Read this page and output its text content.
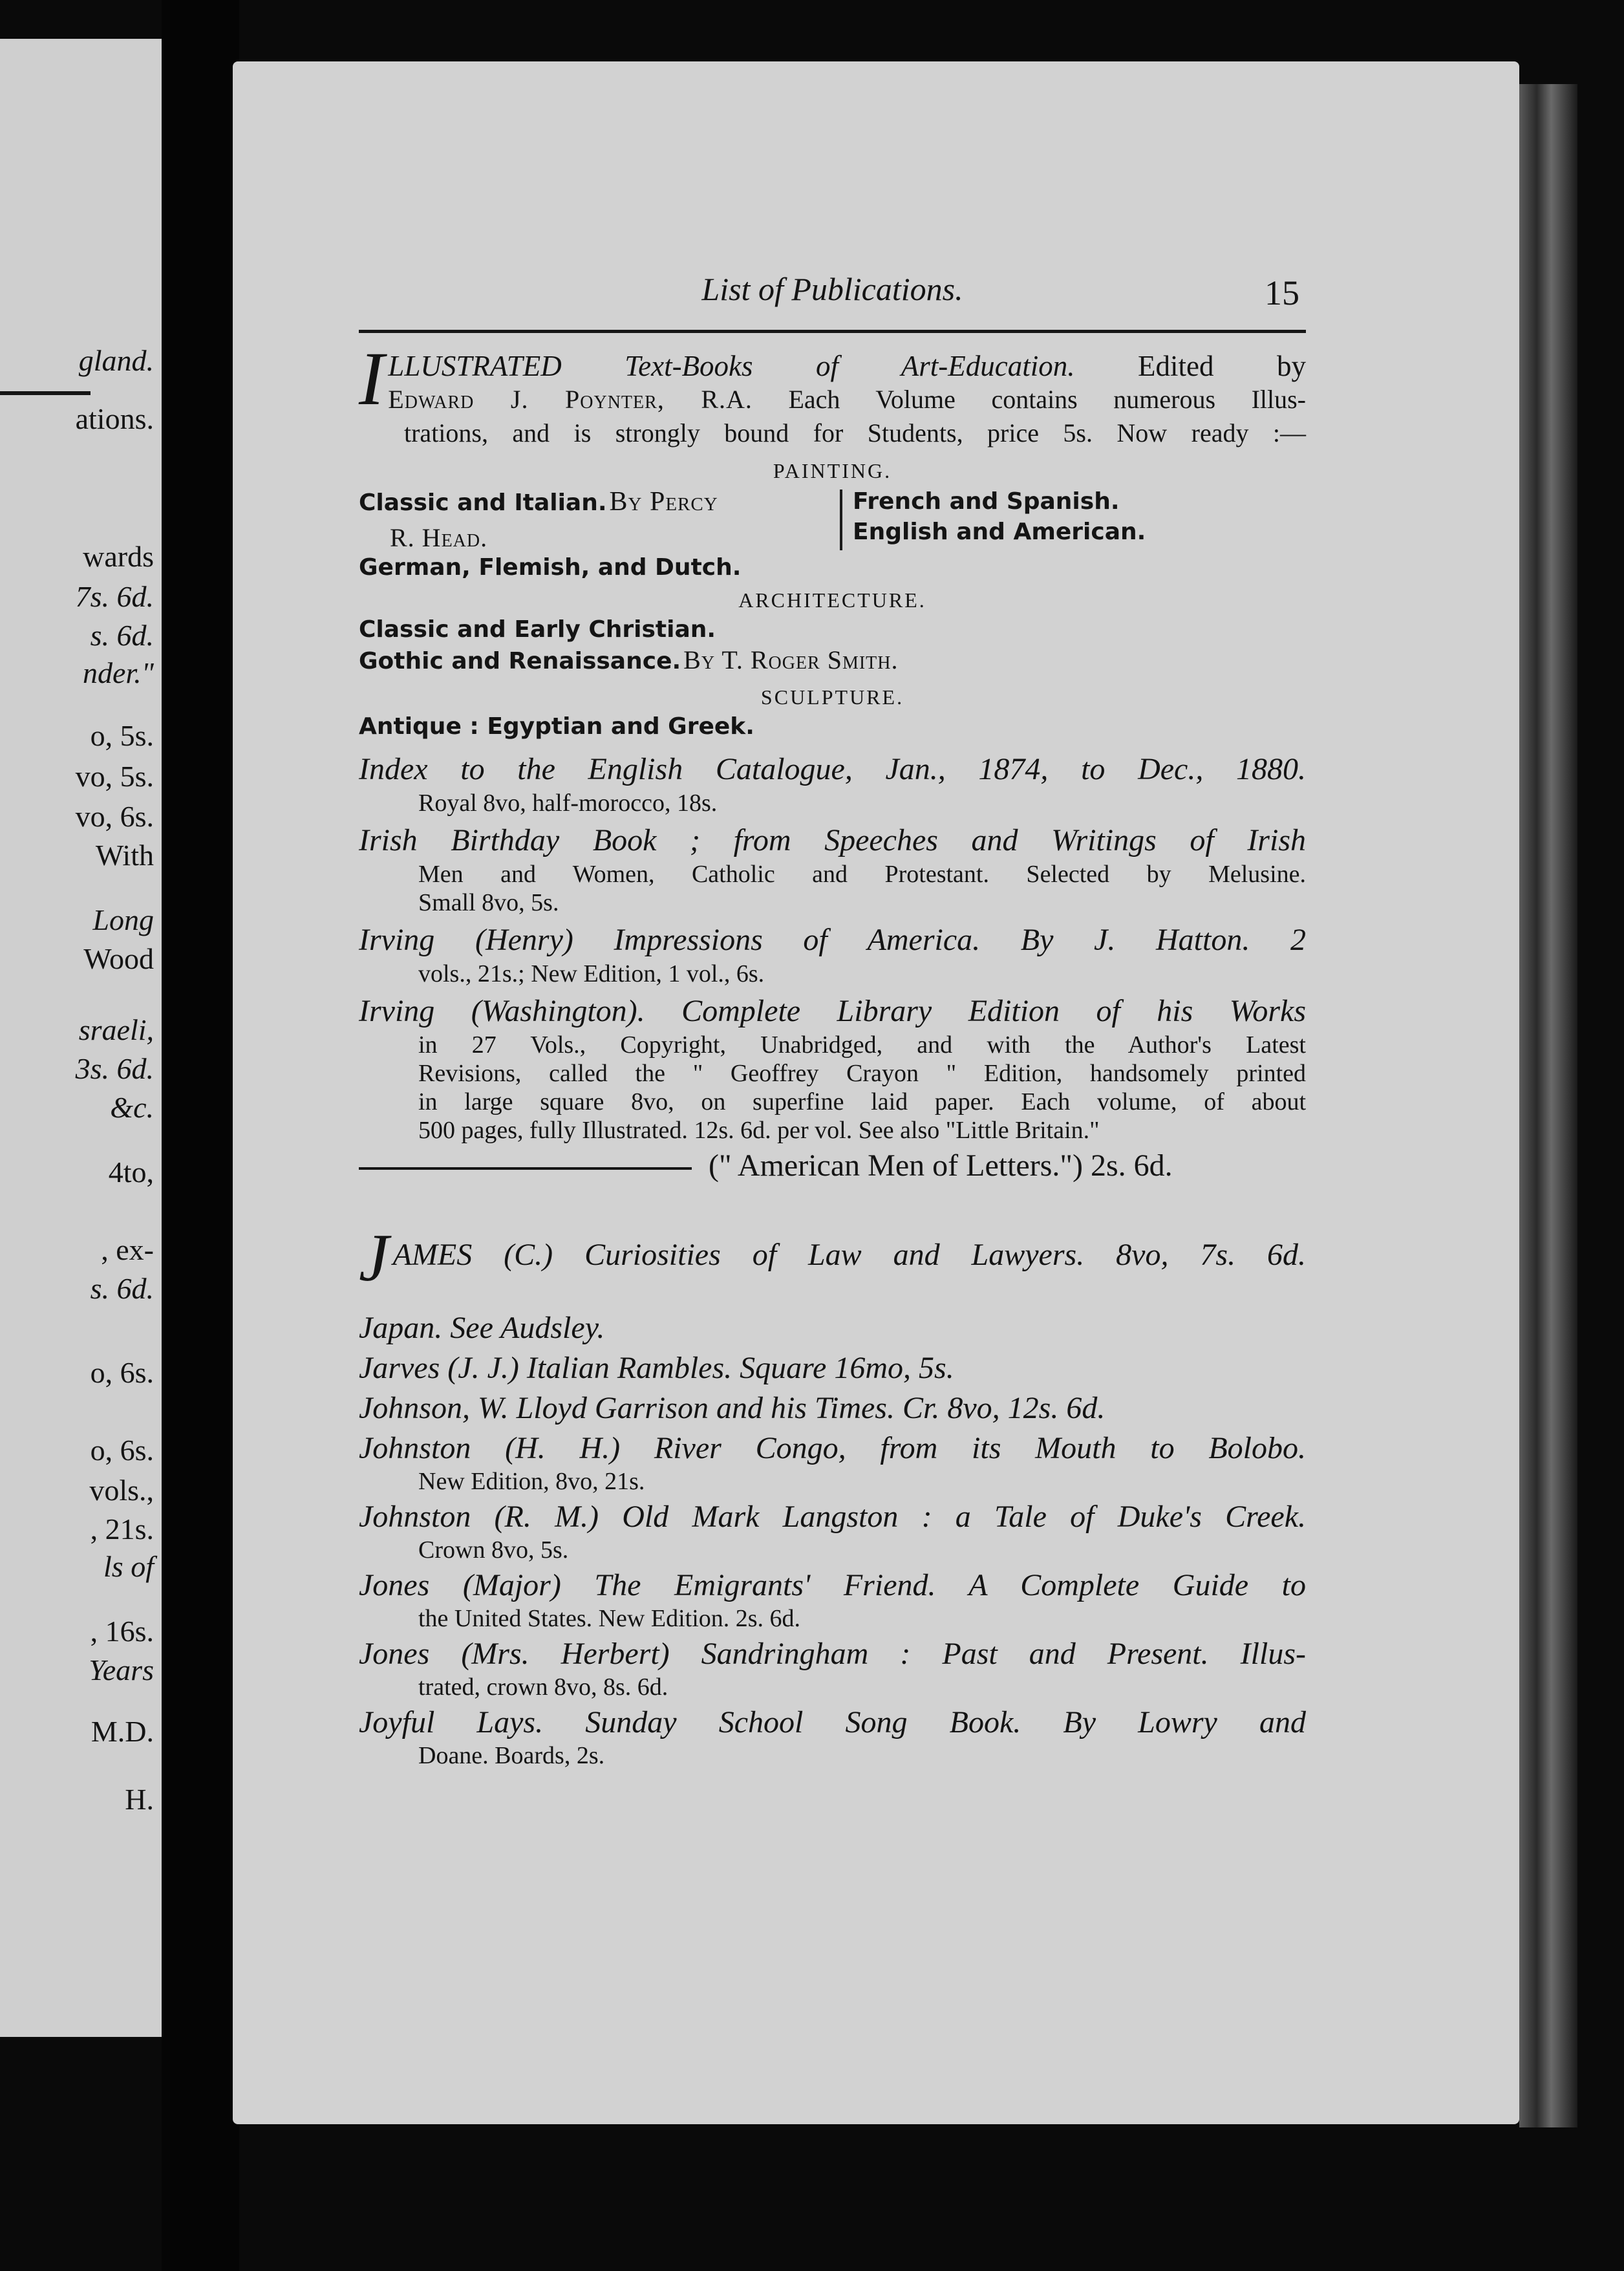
gland.
ations.
wards
7s. 6d.
s. 6d.
nder."
o, 5s.
vo, 5s.
vo, 6s.
With
Long
Wood
sraeli,
3s. 6d.
&c.
4to,
, ex-
s. 6d.
o, 6s.
o, 6s.
vols.,
, 21s.
ls of
, 16s.
Years
M.D.
H.
List of Publications.	15
I LLUSTRATED Text-Books of Art-Education. Edited by
Edward J. Poynter, R.A. Each Volume contains numerous Illus-
trations, and is strongly bound for Students, price 5s. Now ready :—
PAINTING.
Classic and Italian. By Percy
R. Head.
German, Flemish, and Dutch.
French and Spanish.
English and American.
ARCHITECTURE.
Classic and Early Christian.
Gothic and Renaissance. By T. Roger Smith.
SCULPTURE.
Antique : Egyptian and Greek.
Index to the English Catalogue, Jan., 1874, to Dec., 1880.
Royal 8vo, half-morocco, 18s.
Irish Birthday Book ; from Speeches and Writings of Irish
Men and Women, Catholic and Protestant. Selected by Melusine.
Small 8vo, 5s.
Irving (Henry) Impressions of America. By J. Hatton. 2
vols., 21s.; New Edition, 1 vol., 6s.
Irving (Washington). Complete Library Edition of his Works
in 27 Vols., Copyright, Unabridged, and with the Author's Latest
Revisions, called the " Geoffrey Crayon " Edition, handsomely printed
in large square 8vo, on superfine laid paper. Each volume, of about
500 pages, fully Illustrated. 12s. 6d. per vol. See also "Little Britain."
(" American Men of Letters.") 2s. 6d.
J AMES (C.) Curiosities of Law and Lawyers. 8vo, 7s. 6d.
Japan. See Audsley.
Jarves (J. J.) Italian Rambles. Square 16mo, 5s.
Johnson, W. Lloyd Garrison and his Times. Cr. 8vo, 12s. 6d.
Johnston (H. H.) River Congo, from its Mouth to Bolobo.
New Edition, 8vo, 21s.
Johnston (R. M.) Old Mark Langston : a Tale of Duke's Creek.
Crown 8vo, 5s.
Jones (Major) The Emigrants' Friend. A Complete Guide to
the United States. New Edition. 2s. 6d.
Jones (Mrs. Herbert) Sandringham : Past and Present. Illus-
trated, crown 8vo, 8s. 6d.
Joyful Lays. Sunday School Song Book. By Lowry and
Doane. Boards, 2s.
